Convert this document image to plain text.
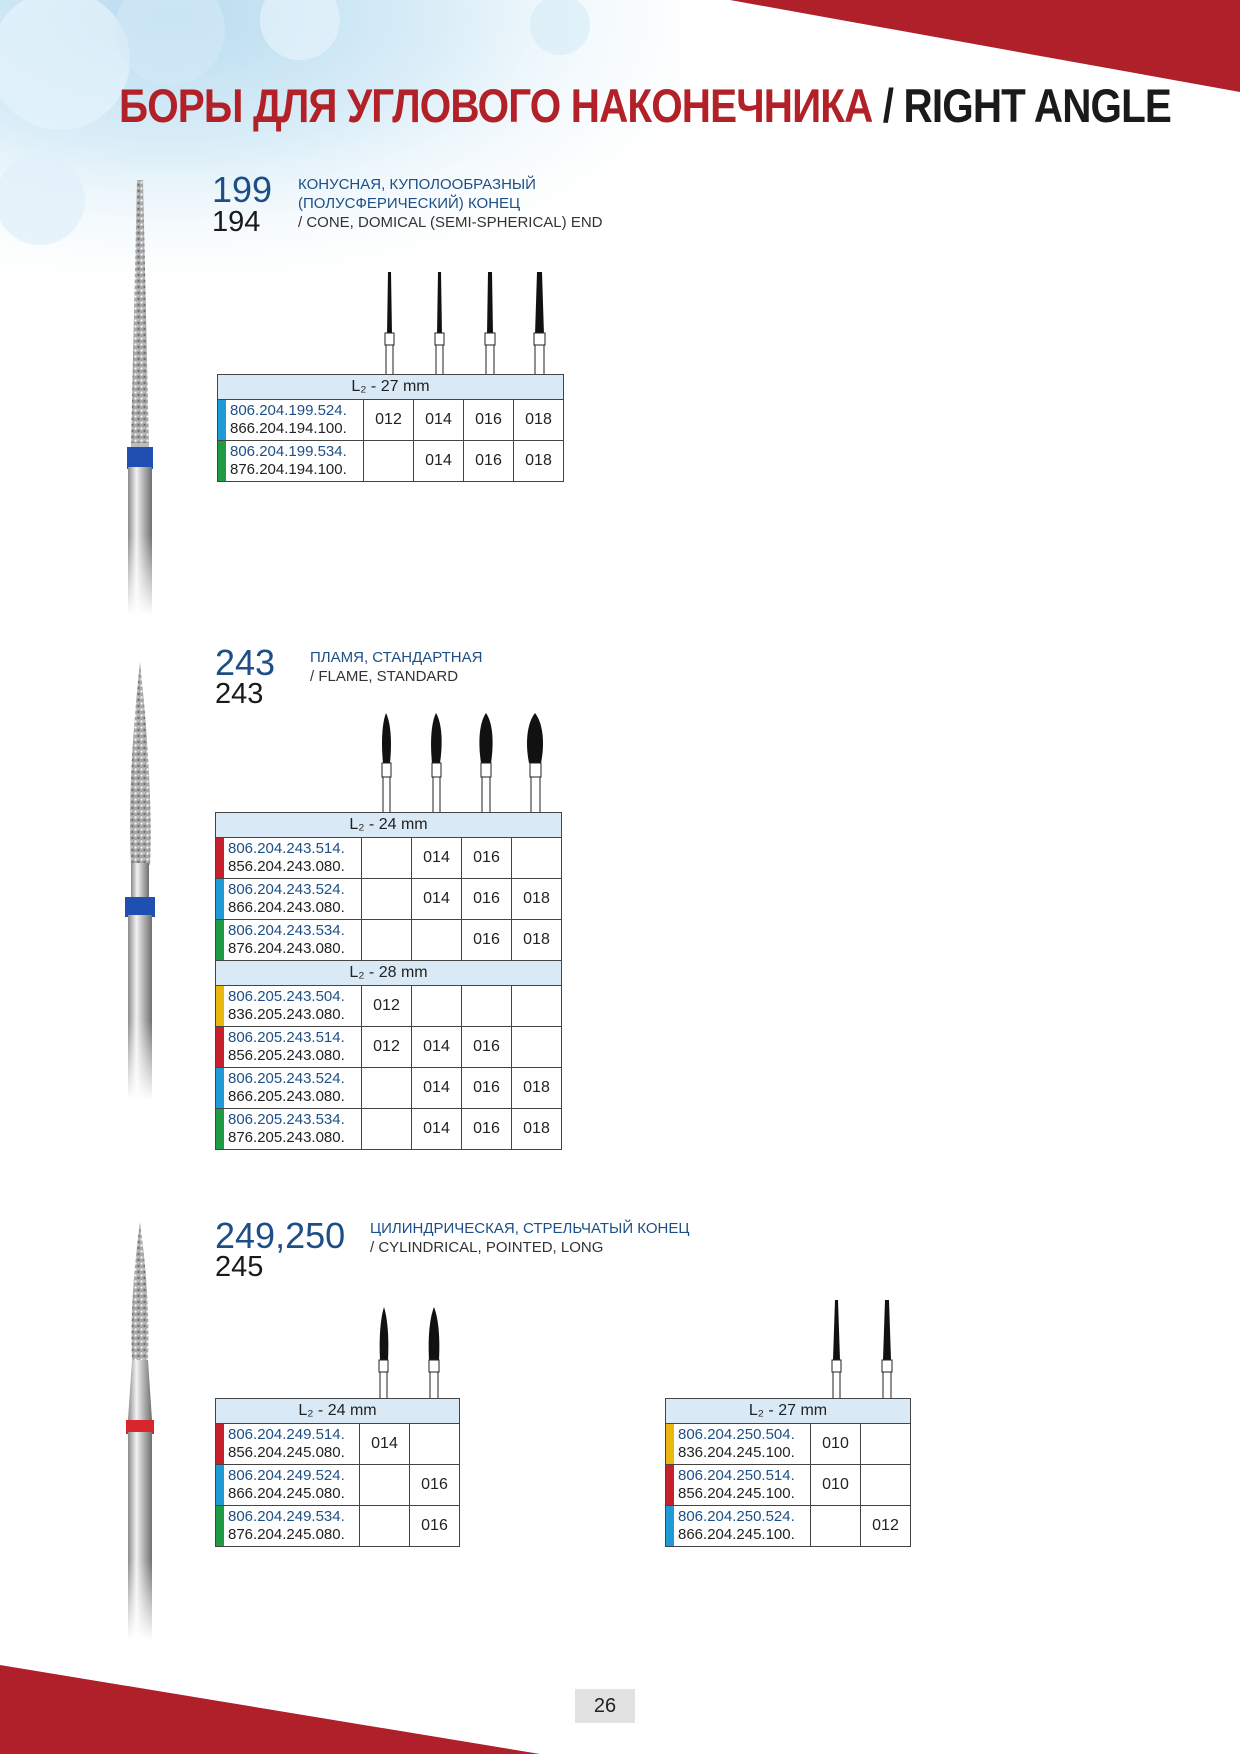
БОРЫ ДЛЯ УГЛОВОГО НАКОНЕЧНИКА / RIGHT ANGLE
199
194
КОНУСНАЯ, КУПОЛООБРАЗНЫЙ
(ПОЛУСФЕРИЧЕСКИЙ) КОНЕЦ
/ CONE, DOMICAL (SEMI-SPHERICAL) END
L₂ - 27 mm				

806.204.199.524.
866.204.194.100.	012	014	016	018

806.204.199.534.
876.204.194.100.		014	016	018
243
243
ПЛАМЯ, СТАНДАРТНАЯ
/ FLAME, STANDARD
L₂ - 24 mm				

806.204.243.514.
856.204.243.080.		014	016	

806.204.243.524.
866.204.243.080.		014	016	018

806.204.243.534.
876.204.243.080.			016	018
L₂ - 28 mm				

806.205.243.504.
836.205.243.080.	012			

806.205.243.514.
856.205.243.080.	012	014	016	

806.205.243.524.
866.205.243.080.		014	016	018

806.205.243.534.
876.205.243.080.		014	016	018
249,250
245
ЦИЛИНДРИЧЕСКАЯ, СТРЕЛЬЧАТЫЙ КОНЕЦ
/ CYLINDRICAL, POINTED, LONG
L₂ - 24 mm		

806.204.249.514.
856.204.245.080.	014	

806.204.249.524.
866.204.245.080.		016

806.204.249.534.
876.204.245.080.		016
L₂ - 27 mm		

806.204.250.504.
836.204.245.100.	010	

806.204.250.514.
856.204.245.100.	010	

806.204.250.524.
866.204.245.100.		012
26
